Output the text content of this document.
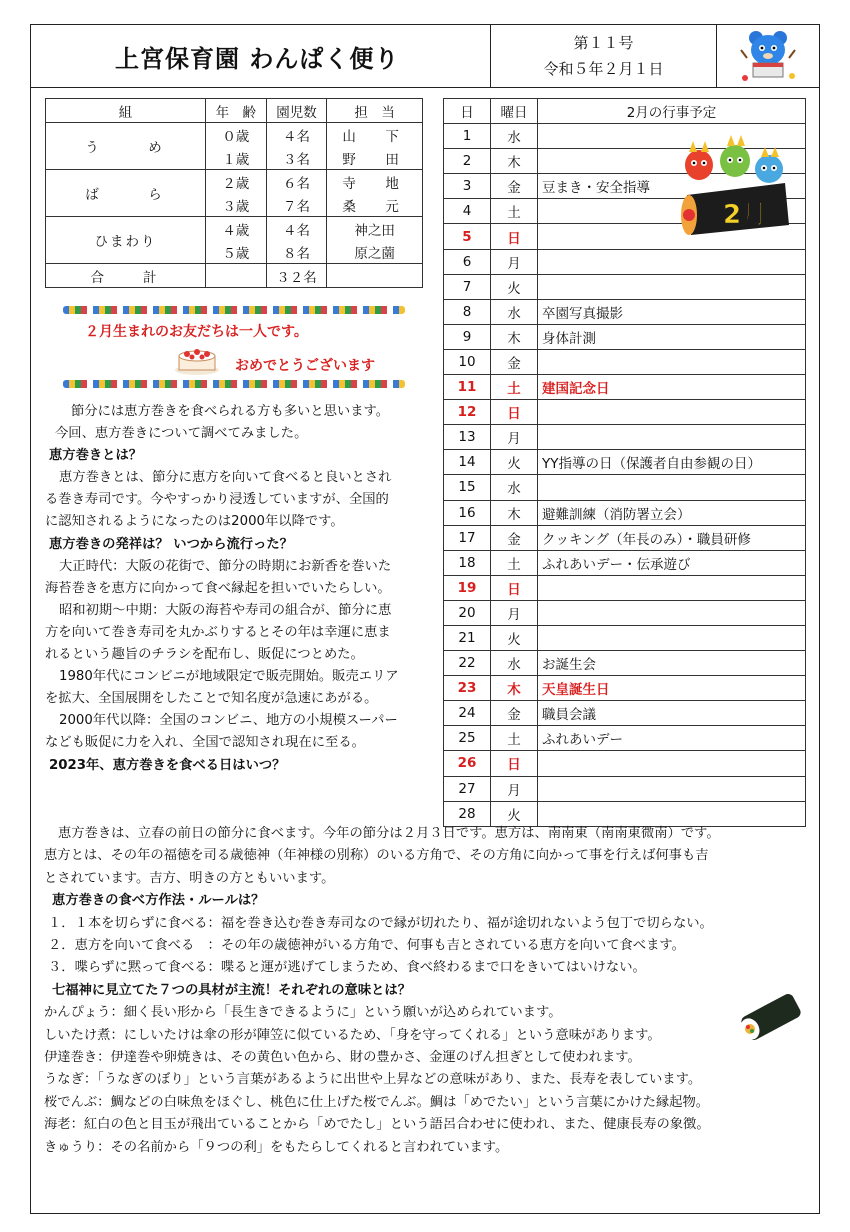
上宮保育園 わんぱく便り
第１１号
令和５年２月１日
組	年　齢	園児数	担　当
う　め	０歳	４名	山　下
	１歳	３名	野　田
ば　ら	２歳	６名	寺　地
	３歳	７名	桑　元
ひまわり	４歳	４名	神之田
	５歳	８名	原之薗
合　　計		３２名	
２月生まれのお友だちは一人です。
おめでとうございます

節分には恵方巻きを食べられる方も多いと思います。

今回、恵方巻きについて調べてみました。

恵方巻きとは？

恵方巻きとは、節分に恵方を向いて食べると良いとされ

る巻き寿司です。今やすっかり浸透していますが、全国的

に認知されるようになったのは2000年以降です。

恵方巻きの発祥は？ いつから流行った？

大正時代：大阪の花街で、節分の時期にお新香を巻いた

海苔巻きを恵方に向かって食べ縁起を担いでいたらしい。

昭和初期～中期：大阪の海苔や寿司の組合が、節分に恵

方を向いて巻き寿司を丸かぶりするとその年は幸運に恵ま

れるという趣旨のチラシを配布し、販促につとめた。

1980年代にコンビニが地域限定で販売開始。販売エリア

を拡大、全国展開をしたことで知名度が急速にあがる。

2000年代以降：全国のコンビニ、地方の小規模スーパー

なども販促に力を入れ、全国で認知され現在に至る。

2023年、恵方巻きを食べる日はいつ？

日	曜日	2月の行事予定
1	水	
2	木	
3	金	豆まき・安全指導
4	土	
5	日	
6	月	
7	火	
8	水	卒園写真撮影
9	木	身体計測
10	金	
11	土	建国記念日
12	日	
13	月	
14	火	YY指導の日（保護者自由参観の日）
15	水	
16	木	避難訓練（消防署立会）
17	金	クッキング（年長のみ）・職員研修
18	土	ふれあいデー・伝承遊び
19	日	
20	月	
21	火	
22	水	お誕生会
23	木	天皇誕生日
24	金	職員会議
25	土	ふれあいデー
26	日	
27	月	
28	火	
2月

恵方巻きは、立春の前日の節分に食べます。今年の節分は２月３日です。恵方は、南南東（南南東微南）です。

恵方とは、その年の福徳を司る歳徳神（年神様の別称）のいる方角で、その方角に向かって事を行えば何事も吉

とされています。吉方、明きの方ともいいます。

恵方巻きの食べ方作法・ルールは？

１．１本を切らずに食べる：福を巻き込む巻き寿司なので縁が切れたり、福が途切れないよう包丁で切らない。

２．恵方を向いて食べる　：その年の歳徳神がいる方角で、何事も吉とされている恵方を向いて食べます。

３．喋らずに黙って食べる：喋ると運が逃げてしまうため、食べ終わるまで口をきいてはいけない。

七福神に見立てた７つの具材が主流！それぞれの意味とは？

かんぴょう：細く長い形から「長生きできるように」という願いが込められています。

しいたけ煮：にしいたけは傘の形が陣笠に似ているため、「身を守ってくれる」という意味があります。

伊達巻き：伊達巻や卵焼きは、その黄色い色から、財の豊かさ、金運のげん担ぎとして使われます。

うなぎ：「うなぎのぼり」という言葉があるように出世や上昇などの意味があり、また、長寿を表しています。

桜でんぶ：鯛などの白味魚をほぐし、桃色に仕上げた桜でんぶ。鯛は「めでたい」という言葉にかけた縁起物。

海老：紅白の色と目玉が飛出ていることから「めでたし」という語呂合わせに使われ、また、健康長寿の象徴。

きゅうり：その名前から「９つの利」をもたらしてくれると言われています。
